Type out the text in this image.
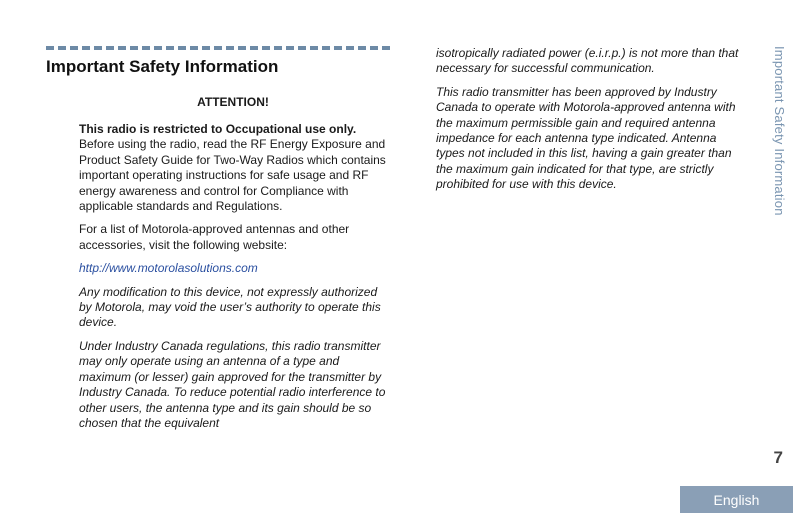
Important Safety Information
ATTENTION!

This radio is restricted to Occupational use only. Before using the radio, read the RF Energy Exposure and Product Safety Guide for Two-Way Radios which contains important operating instructions for safe usage and RF energy awareness and control for Compliance with applicable standards and Regulations.

For a list of Motorola-approved antennas and other accessories, visit the following website:

http://www.motorolasolutions.com

Any modification to this device, not expressly authorized by Motorola, may void the user’s authority to operate this device.

Under Industry Canada regulations, this radio transmitter may only operate using an antenna of a type and maximum (or lesser) gain approved for the transmitter by Industry Canada. To reduce potential radio interference to other users, the antenna type and its gain should be so chosen that the equivalent

isotropically radiated power (e.i.r.p.) is not more than that necessary for successful communication.

This radio transmitter has been approved by Industry Canada to operate with Motorola-approved antenna with the maximum permissible gain and required antenna impedance for each antenna type indicated. Antenna types not included in this list, having a gain greater than the maximum gain indicated for that type, are strictly prohibited for use with this device.	Important Safety Information
7
English
